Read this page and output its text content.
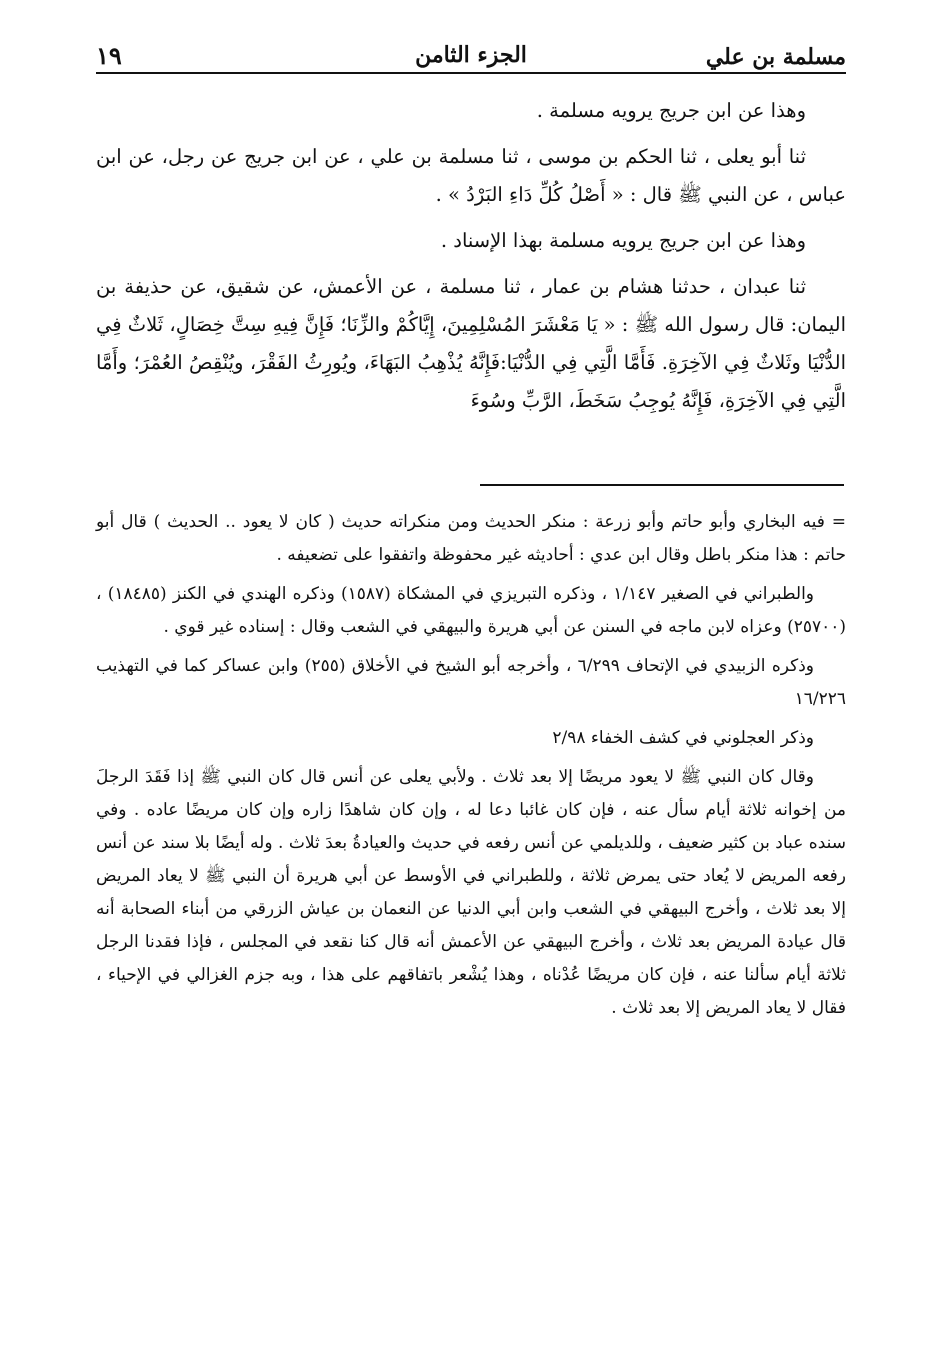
مسلمة بن علي
الجزء الثامن
١٩

وهذا عن ابن جريج يرويه مسلمة .

ثنا أبو يعلى ، ثنا الحكم بن موسى ، ثنا مسلمة بن علي ، عن ابن جريج عن رجل، عن ابن عباس ، عن النبي ﷺ قال : « أَصْلُ كُلِّ دَاءِ البَرْدُ » .

وهذا عن ابن جريج يرويه مسلمة بهذا الإسناد .

ثنا عبدان ، حدثنا هشام بن عمار ، ثنا مسلمة ، عن الأعمش، عن شقيق، عن حذيفة بن اليمان: قال رسول الله ﷺ : « يَا مَعْشَرَ المُسْلِمِينَ، إِيَّاكُمْ والزِّنَا؛ فَإِنَّ فِيهِ سِتَّ خِصَالٍ، ثَلاثٌ فِي الدُّنْيَا وثَلاثٌ فِي الآخِرَةِ. فَأَمَّا الَّتِي فِي الدُّنْيَا:فَإِنَّهُ يُذْهِبُ البَهَاءَ، ويُورِثُ الفَقْرَ، ويُنْقِصُ العُمْرَ؛ وأَمَّا الَّتِي فِي الآخِرَةِ، فَإِنَّهُ يُوجِبُ سَخَطَ، الرَّبِّ وسُوءَ

= فيه البخاري وأبو حاتم وأبو زرعة : منكر الحديث ومن منكراته حديث ( كان لا يعود .. الحديث ) قال أبو حاتم : هذا منكر باطل وقال ابن عدي : أحاديثه غير محفوظة واتفقوا على تضعيفه .

والطبراني في الصغير ١/١٤٧ ، وذكره التبريزي في المشكاة (١٥٨٧) وذكره الهندي في الكنز (١٨٤٨٥) ، (٢٥٧٠٠) وعزاه لابن ماجه في السنن عن أبي هريرة والبيهقي في الشعب وقال : إسناده غير قوي .

وذكره الزبيدي في الإتحاف ٦/٢٩٩ ، وأخرجه أبو الشيخ في الأخلاق (٢٥٥) وابن عساكر كما في التهذيب ١٦/٢٢٦

وذكر العجلوني في كشف الخفاء ٢/٩٨

وقال كان النبي ﷺ لا يعود مريضًا إلا بعد ثلاث . ولأبي يعلى عن أنس قال كان النبي ﷺ إذا فَقَدَ الرجلَ من إخوانه ثلاثة أيام سأل عنه ، فإن كان غائبا دعا له ، وإن كان شاهدًا زاره وإن كان مريضًا عاده . وفي سنده عباد بن كثير ضعيف ، وللديلمي عن أنس رفعه في حديث والعيادةُ بعدَ ثلاث . وله أيضًا بلا سند عن أنس رفعه المريض لا يُعاد حتى يمرض ثلاثة ، وللطبراني في الأوسط عن أبي هريرة أن النبي ﷺ لا يعاد المريض إلا بعد ثلاث ، وأخرج البيهقي في الشعب وابن أبي الدنيا عن النعمان بن عياش الزرقي من أبناء الصحابة أنه قال عيادة المريض بعد ثلاث ، وأخرج البيهقي عن الأعمش أنه قال كنا نقعد في المجلس ، فإذا فقدنا الرجل ثلاثة أيام سألنا عنه ، فإن كان مريضًا عُدْناه ، وهذا يُشْعر باتفاقهم على هذا ، وبه جزم الغزالي في الإحياء ، فقال لا يعاد المريض إلا بعد ثلاث .
